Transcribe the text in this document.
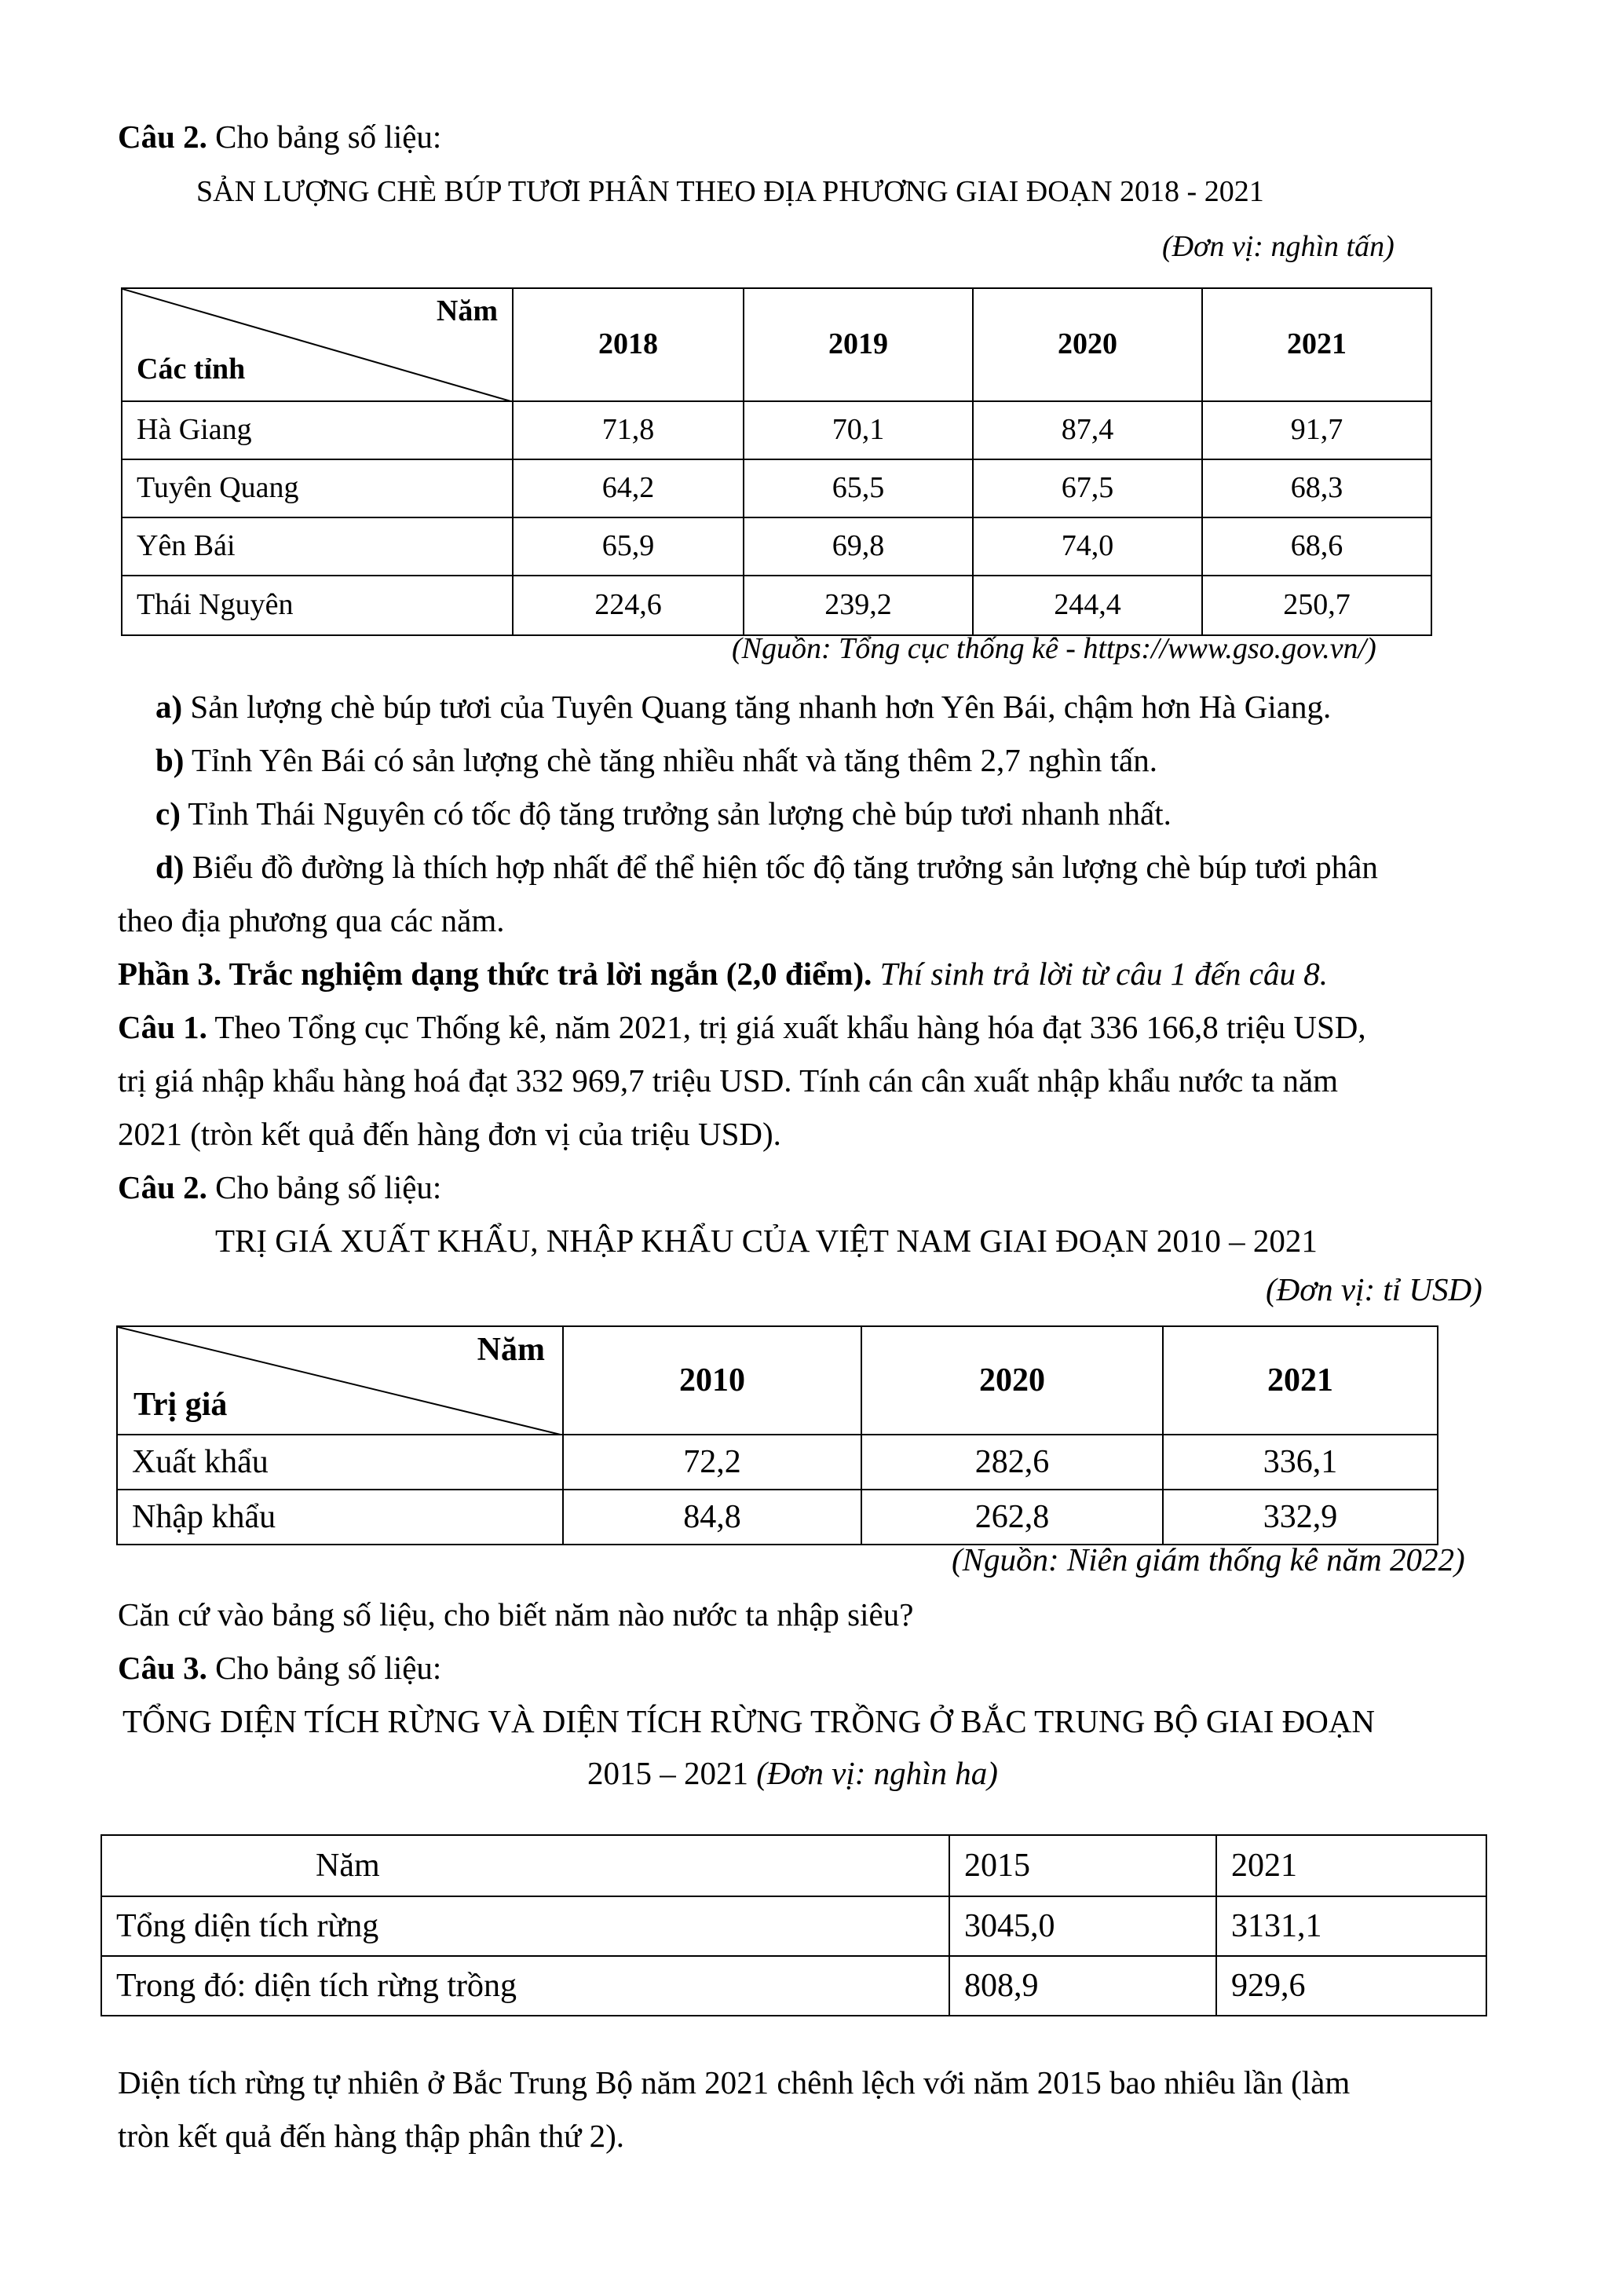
Câu 2. Cho bảng số liệu:
SẢN LƯỢNG CHÈ BÚP TƯƠI PHÂN THEO ĐỊA PHƯƠNG GIAI ĐOẠN 2018 - 2021
(Đơn vị: nghìn tấn)
Năm
Các tỉnh	2018	2019	2020	2021
Hà Giang	71,8	70,1	87,4	91,7
Tuyên Quang	64,2	65,5	67,5	68,3
Yên Bái	65,9	69,8	74,0	68,6
Thái Nguyên	224,6	239,2	244,4	250,7
(Nguồn: Tổng cục thống kê - https://www.gso.gov.vn/)
a) Sản lượng chè búp tươi của Tuyên Quang tăng nhanh hơn Yên Bái, chậm hơn Hà Giang.
b) Tỉnh Yên Bái có sản lượng chè tăng nhiều nhất và tăng thêm 2,7 nghìn tấn.
c) Tỉnh Thái Nguyên có tốc độ tăng trưởng sản lượng chè búp tươi nhanh nhất.
d) Biểu đồ đường là thích hợp nhất để thể hiện tốc độ tăng trưởng sản lượng chè búp tươi phân
theo địa phương qua các năm.
Phần 3. Trắc nghiệm dạng thức trả lời ngắn (2,0 điểm). Thí sinh trả lời từ câu 1 đến câu 8.
Câu 1. Theo Tổng cục Thống kê, năm 2021, trị giá xuất khẩu hàng hóa đạt 336 166,8 triệu USD,
trị giá nhập khẩu hàng hoá đạt 332 969,7 triệu USD. Tính cán cân xuất nhập khẩu nước ta năm
2021 (tròn kết quả đến hàng đơn vị của triệu USD).
Câu 2. Cho bảng số liệu:
TRỊ GIÁ XUẤT KHẨU, NHẬP KHẨU CỦA VIỆT NAM GIAI ĐOẠN 2010 – 2021
(Đơn vị: tỉ USD)
Năm
Trị giá	2010	2020	2021
Xuất khẩu	72,2	282,6	336,1
Nhập khẩu	84,8	262,8	332,9
(Nguồn: Niên giám thống kê năm 2022)
Căn cứ vào bảng số liệu, cho biết năm nào nước ta nhập siêu?
Câu 3. Cho bảng số liệu:
TỔNG DIỆN TÍCH RỪNG VÀ DIỆN TÍCH RỪNG TRỒNG Ở BẮC TRUNG BỘ GIAI ĐOẠN
2015 – 2021 (Đơn vị: nghìn ha)
Năm	2015	2021
Tổng diện tích rừng	3045,0	3131,1
Trong đó: diện tích rừng trồng	808,9	929,6
Diện tích rừng tự nhiên ở Bắc Trung Bộ năm 2021 chênh lệch với năm 2015 bao nhiêu lần (làm
tròn kết quả đến hàng thập phân thứ 2).
